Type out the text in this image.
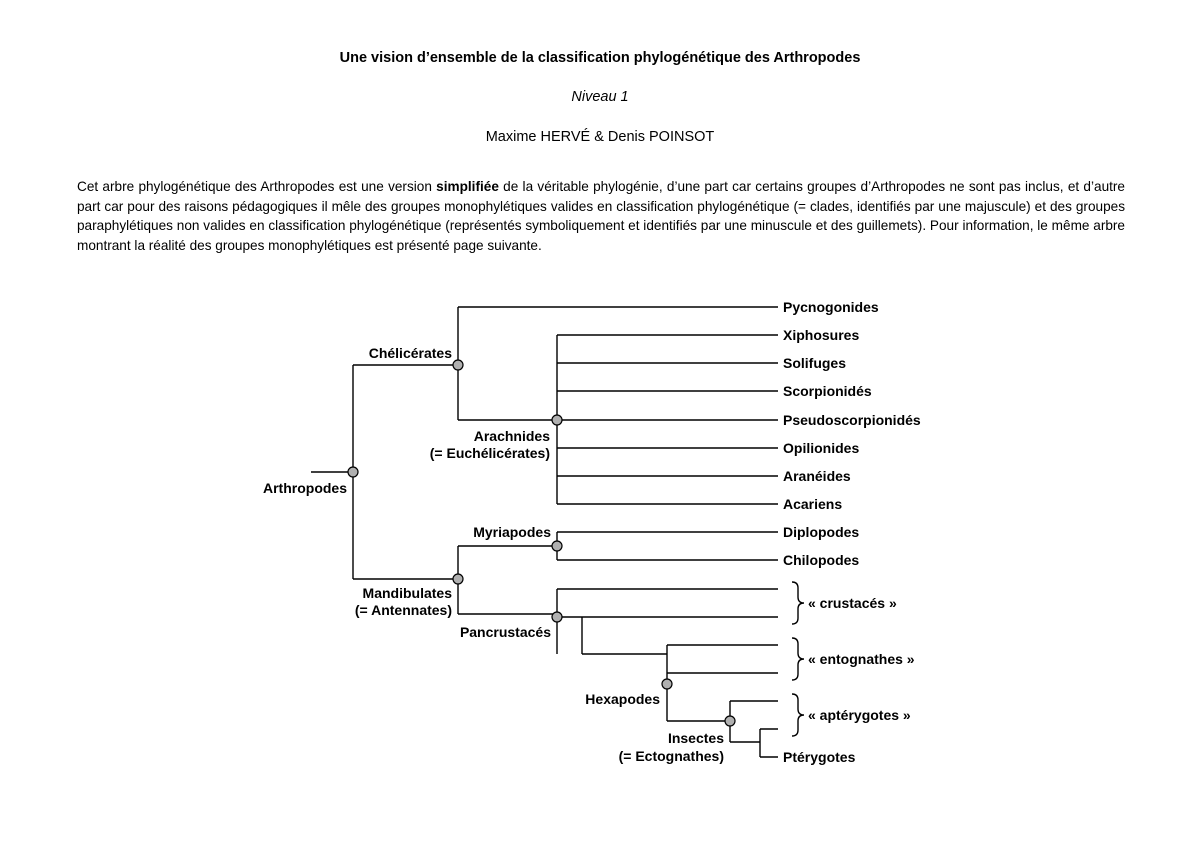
Une vision d’ensemble de la classification phylogénétique des Arthropodes
Niveau 1
Maxime HERVÉ & Denis POINSOT

Cet arbre phylogénétique des Arthropodes est une version simplifiée de la véritable phylogénie, d’une part car certains groupes d’Arthropodes ne sont pas inclus, et d’autre part car pour des raisons pédagogiques il mêle des groupes monophylétiques valides en classification phylogénétique (= clades, identifiés par une majuscule) et des groupes paraphylétiques non valides en classification phylogénétique (représentés symboliquement et identifiés par une minuscule et des guillemets). Pour information, le même arbre montrant la réalité des groupes monophylétiques est présenté page suivante.

Arthropodes
Chélicérates
Arachnides
(= Euchélicérates)
Mandibulates
(= Antennates)
Myriapodes
Pancrustacés
Hexapodes
Insectes
(= Ectognathes)
Pycnogonides
Xiphosures
Solifuges
Scorpionidés
Pseudoscorpionidés
Opilionides
Aranéides
Acariens
Diplopodes
Chilopodes
« crustacés »
« entognathes »
« aptérygotes »
Ptérygotes
